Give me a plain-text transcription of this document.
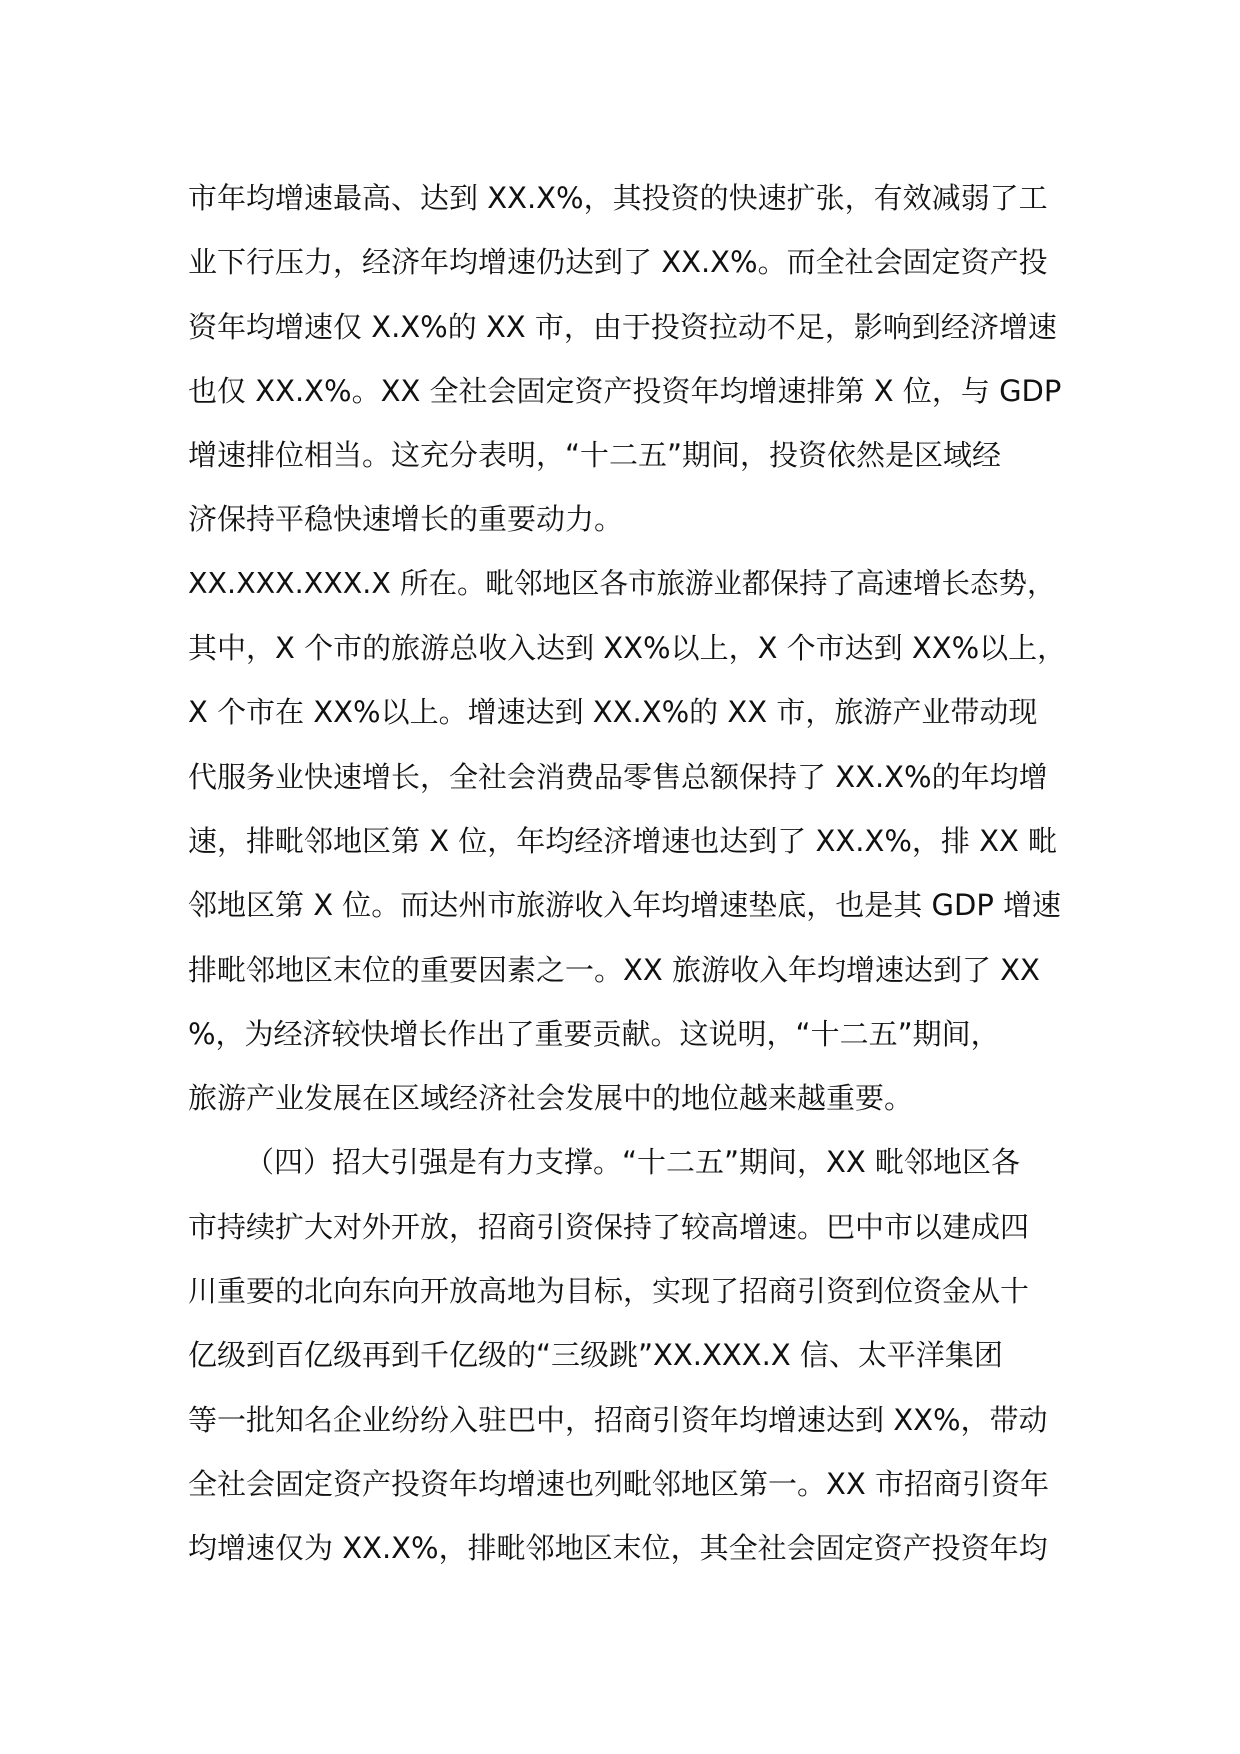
市年均增速最高、达到 XX.X%，其投资的快速扩张，有效减弱了工
业下行压力，经济年均增速仍达到了 XX.X%。而全社会固定资产投
资年均增速仅 X.X%的 XX 市，由于投资拉动不足，影响到经济增速
也仅 XX.X%。XX 全社会固定资产投资年均增速排第 X 位，与 GDP
增速排位相当。这充分表明，“十二五”期间，投资依然是区域经
济保持平稳快速增长的重要动力。
XX.XXX.XXX.X 所在。毗邻地区各市旅游业都保持了高速增长态势，
其中，X 个市的旅游总收入达到 XX%以上，X 个市达到 XX%以上，
X 个市在 XX%以上。增速达到 XX.X%的 XX 市，旅游产业带动现
代服务业快速增长，全社会消费品零售总额保持了 XX.X%的年均增
速，排毗邻地区第 X 位，年均经济增速也达到了 XX.X%，排 XX 毗
邻地区第 X 位。而达州市旅游收入年均增速垫底，也是其 GDP 增速
排毗邻地区末位的重要因素之一。XX 旅游收入年均增速达到了 XX
%，为经济较快增长作出了重要贡献。这说明，“十二五”期间，
旅游产业发展在区域经济社会发展中的地位越来越重要。
（四）招大引强是有力支撑。“十二五”期间，XX 毗邻地区各
市持续扩大对外开放，招商引资保持了较高增速。巴中市以建成四
川重要的北向东向开放高地为目标，实现了招商引资到位资金从十
亿级到百亿级再到千亿级的“三级跳”XX.XXX.X 信、太平洋集团
等一批知名企业纷纷入驻巴中，招商引资年均增速达到 XX%，带动
全社会固定资产投资年均增速也列毗邻地区第一。XX 市招商引资年
均增速仅为 XX.X%，排毗邻地区末位，其全社会固定资产投资年均
